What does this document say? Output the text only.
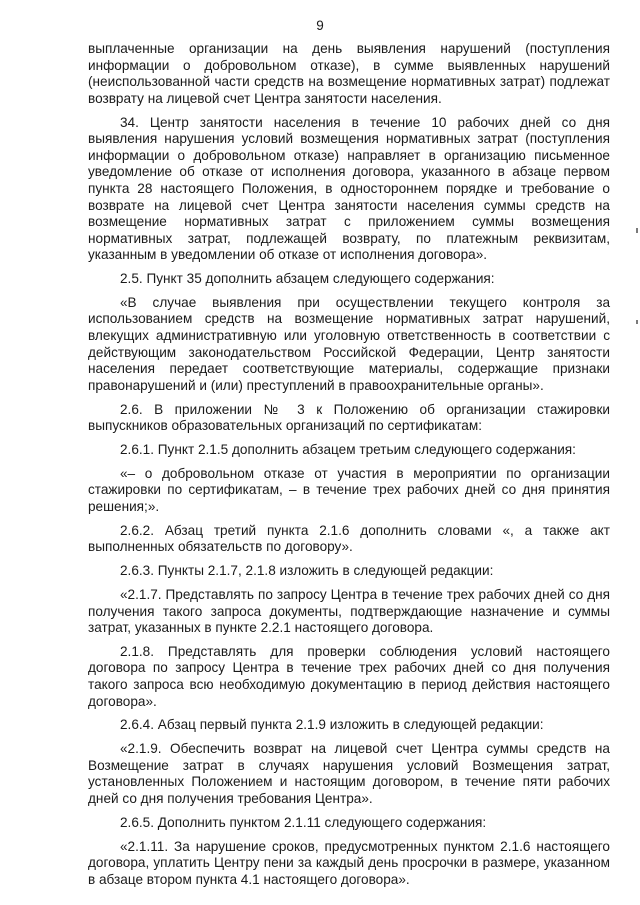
9

выплаченные организации на день выявления нарушений (поступления информации о добровольном отказе), в сумме выявленных нарушений (неиспользованной части средств на возмещение нормативных затрат) подлежат возврату на лицевой счет Центра занятости населения.

34. Центр занятости населения в течение 10 рабочих дней со дня выявления нарушения условий возмещения нормативных затрат (поступления информации о добровольном отказе) направляет в организацию письменное уведомление об отказе от исполнения договора, указанного в абзаце первом пункта 28 настоящего Положения, в одностороннем порядке и требование о возврате на лицевой счет Центра занятости населения суммы средств на возмещение нормативных затрат с приложением суммы возмещения нормативных затрат, подлежащей возврату, по платежным реквизитам, указанным в уведомлении об отказе от исполнения договора».

2.5. Пункт 35 дополнить абзацем следующего содержания:

«В случае выявления при осуществлении текущего контроля за использованием средств на возмещение нормативных затрат нарушений, влекущих административную или уголовную ответственность в соответствии с действующим законодательством Российской Федерации, Центр занятости населения передает соответствующие материалы, содержащие признаки правонарушений и (или) преступлений в правоохранительные органы».

2.6. В приложении № 3 к Положению об организации стажировки выпускников образовательных организаций по сертификатам:

2.6.1. Пункт 2.1.5 дополнить абзацем третьим следующего содержания:

«– о добровольном отказе от участия в мероприятии по организации стажировки по сертификатам, – в течение трех рабочих дней со дня принятия решения;».

2.6.2. Абзац третий пункта 2.1.6 дополнить словами «, а также акт выполненных обязательств по договору».

2.6.3. Пункты 2.1.7, 2.1.8 изложить в следующей редакции:

«2.1.7. Представлять по запросу Центра в течение трех рабочих дней со дня получения такого запроса документы, подтверждающие назначение и суммы затрат, указанных в пункте 2.2.1 настоящего договора.

2.1.8. Представлять для проверки соблюдения условий настоящего договора по запросу Центра в течение трех рабочих дней со дня получения такого запроса всю необходимую документацию в период действия настоящего договора».

2.6.4. Абзац первый пункта 2.1.9 изложить в следующей редакции:

«2.1.9. Обеспечить возврат на лицевой счет Центра суммы средств на Возмещение затрат в случаях нарушения условий Возмещения затрат, установленных Положением и настоящим договором, в течение пяти рабочих дней со дня получения требования Центра».

2.6.5. Дополнить пунктом 2.1.11 следующего содержания:

«2.1.11. За нарушение сроков, предусмотренных пунктом 2.1.6 настоящего договора, уплатить Центру пени за каждый день просрочки в размере, указанном в абзаце втором пункта 4.1 настоящего договора».
